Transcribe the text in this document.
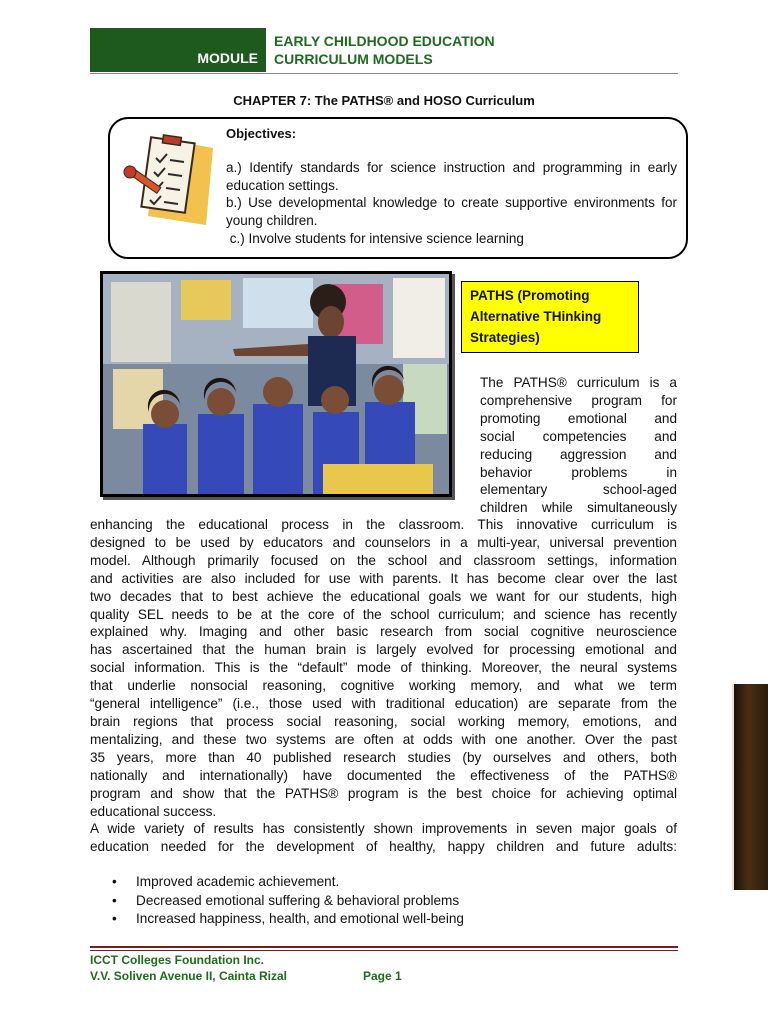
MODULE
EARLY CHILDHOOD EDUCATION
CURRICULUM MODELS
CHAPTER 7: The PATHS® and HOSO Curriculum
Objectives:
a.) Identify standards for science instruction and programming in early education settings.
b.) Use developmental knowledge to create supportive environments for young children.
c.) Involve students for intensive science learning
PATHS (Promoting Alternative THinking Strategies)
The PATHS® curriculum is a
comprehensive program for
promoting emotional and
social competencies and
reducing aggression and
behavior problems in
elementary school-aged
children while simultaneously
enhancing the educational process in the classroom. This innovative curriculum is
designed to be used by educators and counselors in a multi-year, universal prevention
model. Although primarily focused on the school and classroom settings, information
and activities are also included for use with parents. It has become clear over the last
two decades that to best achieve the educational goals we want for our students, high
quality SEL needs to be at the core of the school curriculum; and science has recently
explained why. Imaging and other basic research from social cognitive neuroscience
has ascertained that the human brain is largely evolved for processing emotional and
social information. This is the “default” mode of thinking. Moreover, the neural systems
that underlie nonsocial reasoning, cognitive working memory, and what we term
“general intelligence” (i.e., those used with traditional education) are separate from the
brain regions that process social reasoning, social working memory, emotions, and
mentalizing, and these two systems are often at odds with one another. Over the past
35 years, more than 40 published research studies (by ourselves and others, both
nationally and internationally) have documented the effectiveness of the PATHS®
program and show that the PATHS® program is the best choice for achieving optimal
educational success.
A wide variety of results has consistently shown improvements in seven major goals of
education needed for the development of healthy, happy children and future adults:
• Improved academic achievement.
• Decreased emotional suffering & behavioral problems
• Increased happiness, health, and emotional well-being
ICCT Colleges Foundation Inc.
V.V. Soliven Avenue II, Cainta Rizal	Page 1
